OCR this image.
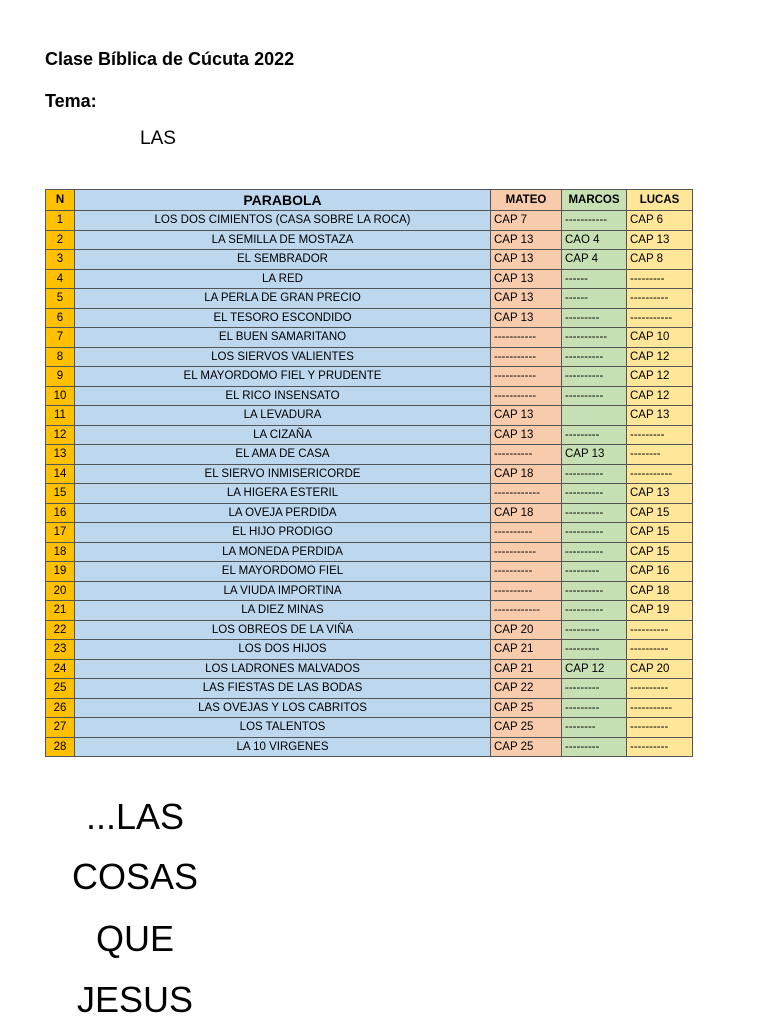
Clase Bíblica de Cúcuta 2022
Tema:
LAS
N	PARABOLA	MATEO	MARCOS	LUCAS
1	LOS DOS CIMIENTOS (CASA SOBRE LA ROCA)	CAP 7	-----------	CAP 6
2	LA SEMILLA DE MOSTAZA	CAP 13	CAO 4	CAP 13
3	EL SEMBRADOR	CAP 13	CAP 4	CAP 8
4	LA RED	CAP 13	------	---------
5	LA PERLA DE GRAN PRECIO	CAP 13	------	----------
6	EL TESORO ESCONDIDO	CAP 13	---------	-----------
7	EL BUEN SAMARITANO	-----------	-----------	CAP 10
8	LOS SIERVOS VALIENTES	-----------	----------	CAP 12
9	EL MAYORDOMO FIEL Y PRUDENTE	-----------	----------	CAP 12
10	EL RICO INSENSATO	-----------	----------	CAP 12
11	LA LEVADURA	CAP 13		CAP 13
12	LA CIZAÑA	CAP 13	---------	---------
13	EL AMA DE CASA	----------	CAP 13	--------
14	EL SIERVO INMISERICORDE	CAP 18	----------	-----------
15	LA HIGERA ESTERIL	------------	----------	CAP 13
16	LA OVEJA PERDIDA	CAP 18	----------	CAP 15
17	EL HIJO PRODIGO	----------	----------	CAP 15
18	LA MONEDA PERDIDA	-----------	----------	CAP 15
19	EL MAYORDOMO FIEL	----------	---------	CAP 16
20	LA VIUDA IMPORTINA	----------	----------	CAP 18
21	LA DIEZ MINAS	------------	----------	CAP 19
22	LOS OBREOS DE LA VIÑA	CAP 20	---------	----------
23	LOS DOS HIJOS	CAP 21	---------	----------
24	LOS LADRONES MALVADOS	CAP 21	CAP 12	CAP 20
25	LAS FIESTAS DE LAS BODAS	CAP 22	---------	----------
26	LAS OVEJAS Y LOS CABRITOS	CAP 25	---------	-----------
27	LOS TALENTOS	CAP 25	--------	----------
28	LA 10 VIRGENES	CAP 25	---------	----------
...LAS
COSAS
QUE
JESUS
